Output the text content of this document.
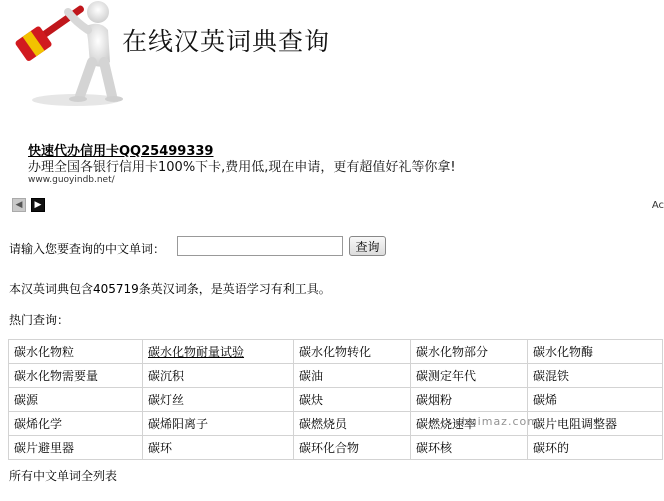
在线汉英词典查询
快速代办信用卡QQ25499339
办理全国各银行信用卡100%下卡,费用低,现在申请，更有超值好礼等你拿!
www.guoyindb.net/
Ac
◀ ▶
请输入您要查询的中文单词：	查询
本汉英词典包含405719条英汉词条，是英语学习有利工具。
热门查询：
碳水化物粒	碳水化物耐量试验	碳水化物转化	碳水化物部分	碳水化物酶
碳水化物需要量	碳沉积	碳油	碳测定年代	碳混铁
碳源	碳灯丝	碳炔	碳烟粉	碳烯
碳烯化学	碳烯阳离子	碳燃烧员	碳燃烧速率	碳片电阻调整器
碳片避里器	碳环	碳环化合物	碳环核	碳环的
shuimaz.com
所有中文单词全列表
